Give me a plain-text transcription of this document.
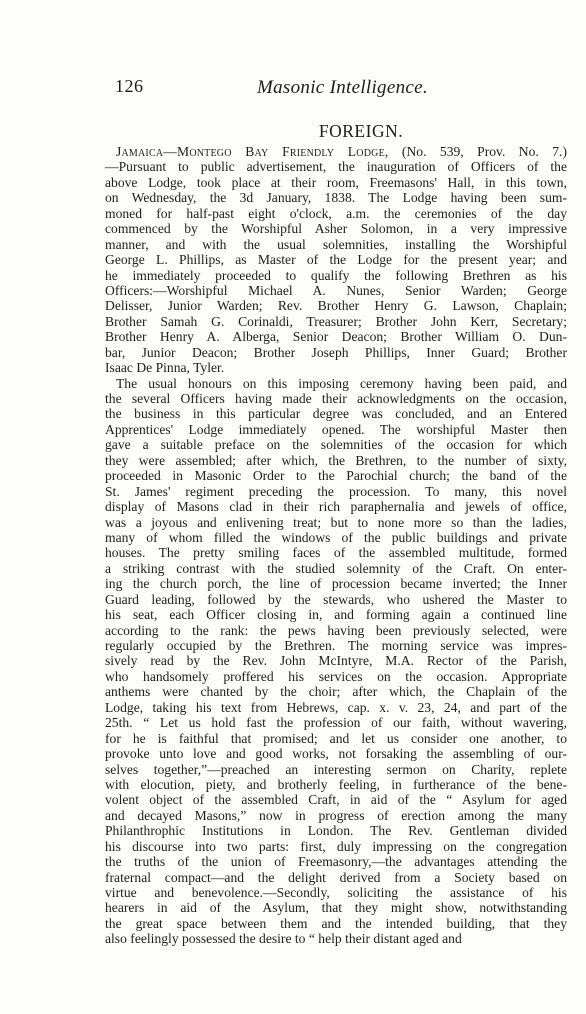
126	Masonic Intelligence.
FOREIGN.
Jamaica—Montego Bay Friendly Lodge, (No. 539, Prov. No. 7.)
—Pursuant to public advertisement, the inauguration of Officers of the
above Lodge, took place at their room, Freemasons' Hall, in this town,
on Wednesday, the 3d January, 1838. The Lodge having been sum-
moned for half-past eight o'clock, a.m. the ceremonies of the day
commenced by the Worshipful Asher Solomon, in a very impressive
manner, and with the usual solemnities, installing the Worshipful
George L. Phillips, as Master of the Lodge for the present year; and
he immediately proceeded to qualify the following Brethren as his
Officers:—Worshipful Michael A. Nunes, Senior Warden; George
Delisser, Junior Warden; Rev. Brother Henry G. Lawson, Chaplain;
Brother Samah G. Corinaldi, Treasurer; Brother John Kerr, Secretary;
Brother Henry A. Alberga, Senior Deacon; Brother William O. Dun-
bar, Junior Deacon; Brother Joseph Phillips, Inner Guard; Brother
Isaac De Pinna, Tyler.
The usual honours on this imposing ceremony having been paid, and
the several Officers having made their acknowledgments on the occasion,
the business in this particular degree was concluded, and an Entered
Apprentices' Lodge immediately opened. The worshipful Master then
gave a suitable preface on the solemnities of the occasion for which
they were assembled; after which, the Brethren, to the number of sixty,
proceeded in Masonic Order to the Parochial church; the band of the
St. James' regiment preceding the procession. To many, this novel
display of Masons clad in their rich paraphernalia and jewels of office,
was a joyous and enlivening treat; but to none more so than the ladies,
many of whom filled the windows of the public buildings and private
houses. The pretty smiling faces of the assembled multitude, formed
a striking contrast with the studied solemnity of the Craft. On enter-
ing the church porch, the line of procession became inverted; the Inner
Guard leading, followed by the stewards, who ushered the Master to
his seat, each Officer closing in, and forming again a continued line
according to the rank: the pews having been previously selected, were
regularly occupied by the Brethren. The morning service was impres-
sively read by the Rev. John McIntyre, M.A. Rector of the Parish,
who handsomely proffered his services on the occasion. Appropriate
anthems were chanted by the choir; after which, the Chaplain of the
Lodge, taking his text from Hebrews, cap. x. v. 23, 24, and part of the
25th. “ Let us hold fast the profession of our faith, without wavering,
for he is faithful that promised; and let us consider one another, to
provoke unto love and good works, not forsaking the assembling of our-
selves together,”—preached an interesting sermon on Charity, replete
with elocution, piety, and brotherly feeling, in furtherance of the bene-
volent object of the assembled Craft, in aid of the “ Asylum for aged
and decayed Masons,” now in progress of erection among the many
Philanthrophic Institutions in London. The Rev. Gentleman divided
his discourse into two parts: first, duly impressing on the congregation
the truths of the union of Freemasonry,—the advantages attending the
fraternal compact—and the delight derived from a Society based on
virtue and benevolence.—Secondly, soliciting the assistance of his
hearers in aid of the Asylum, that they might show, notwithstanding
the great space between them and the intended building, that they
also feelingly possessed the desire to “ help their distant aged and
